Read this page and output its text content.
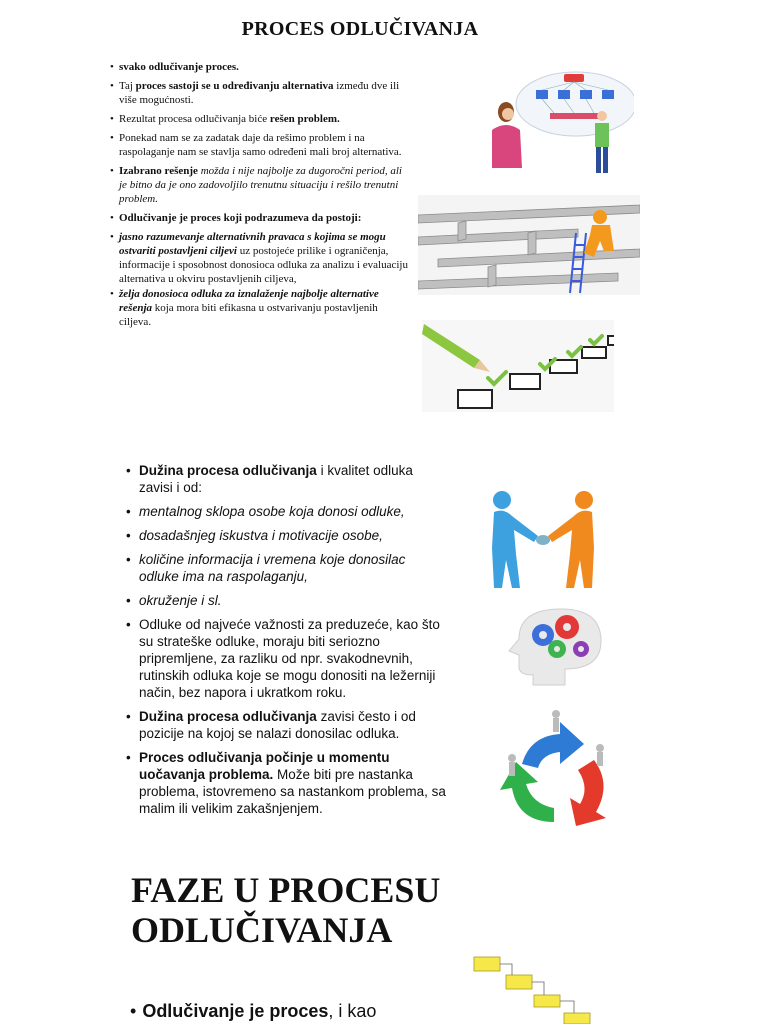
PROCES ODLUČIVANJA
• svako odlučivanje proces.
• Taj proces sastoji se u određivanju alternativa između dve ili više mogućnosti.
• Rezultat procesa odlučivanja biće rešen problem.
• Ponekad nam se za zadatak daje da rešimo problem i na raspolaganje nam se stavlja samo određeni mali broj alternativa.
• Izabrano rešenje možda i nije najbolje za dugoročni period, ali je bitno da je ono zadovoljilo trenutnu situaciju i rešilo trenutni problem.
• Odlučivanje je proces koji podrazumeva da postoji:
• jasno razumevanje alternativnih pravaca s kojima se mogu ostvariti postavljeni ciljevi uz postojeće prilike i ograničenja, informacije i sposobnost donosioca odluka za analizu i evaluaciju alternativa u okviru postavljenih ciljeva,
• želja donosioca odluka za iznalaženje najbolje alternative rešenja koja mora biti efikasna u ostvarivanju postavljenih ciljeva.
• Dužina procesa odlučivanja i kvalitet odluka zavisi i od:
• mentalnog sklopa osobe koja donosi odluke,
• dosadašnjeg iskustva i motivacije osobe,
• količine informacija i vremena koje donosilac odluke ima na raspolaganju,
• okruženje i sl.
• Odluke od najveće važnosti za preduzeće, kao što su strateške odluke, moraju biti seriozno pripremljene, za razliku od npr. svakodnevnih, rutinskih odluka koje se mogu donositi na ležerniji način, bez napora i ukratkom roku.
• Dužina procesa odlučivanja zavisi često i od pozicije na kojoj se nalazi donosilac odluka.
• Proces odlučivanja počinje u momentu uočavanja problema. Može biti pre nastanka problema, istovremeno sa nastankom problema, sa malim ili velikim zakašnjenjem.
FAZE U PROCESU ODLUČIVANJA
• Odlučivanje je proces, i kao
